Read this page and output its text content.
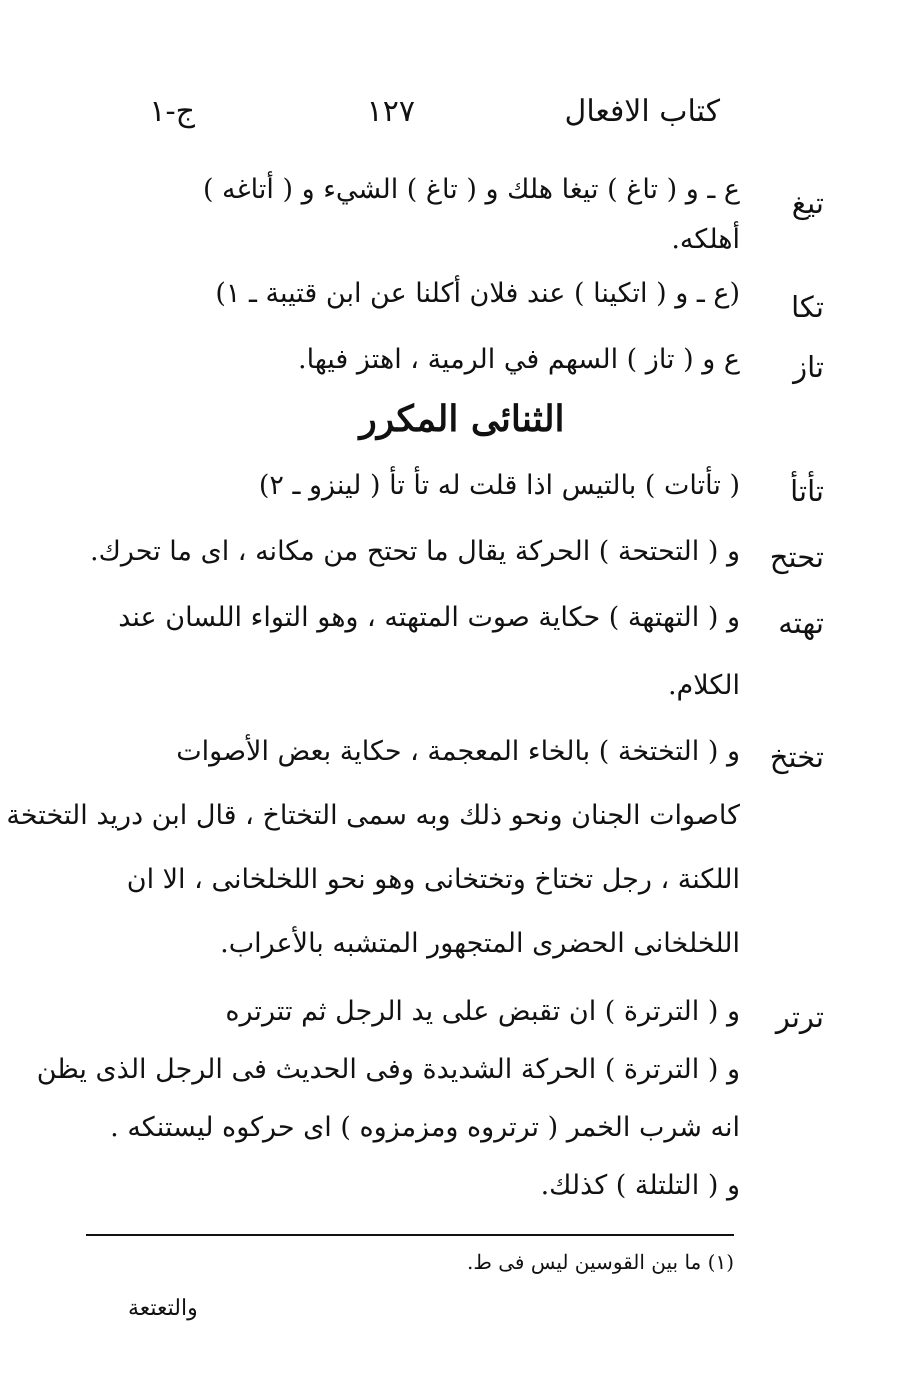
كتاب الافعال
١٢٧
ج-١
تيغ
ع ـ و ( تاغ ) تيغا هلك و ( تاغ ) الشيء و ( أتاغه )
أهلكه.
تكا
(ع ـ و ( اتكينا ) عند فلان أكلنا عن ابن قتيبة ـ ١)
تاز
ع و ( تاز ) السهم في الرمية ، اهتز فيها.
الثنائى المكرر
تأتأ
( تأتات ) بالتيس اذا قلت له تأ تأ ( لينزو ـ ٢)
تحتح
و ( التحتحة ) الحركة يقال ما تحتح من مكانه ، اى ما تحرك.
تهته
و ( التهتهة ) حكاية صوت المتهته ، وهو التواء اللسان عند
الكلام.
تختخ
و ( التختخة ) بالخاء المعجمة ، حكاية بعض الأصوات
كاصوات الجنان ونحو ذلك وبه سمى التختاخ ، قال ابن دريد التختخة
اللكنة ، رجل تختاخ وتختخانى وهو نحو اللخلخانى ، الا ان
اللخلخانى الحضرى المتجهور المتشبه بالأعراب.
ترتر
و ( الترترة ) ان تقبض على يد الرجل ثم تترتره
و ( الترترة ) الحركة الشديدة وفى الحديث فى الرجل الذى يظن
انه شرب الخمر ( ترتروه ومزمزوه ) اى حركوه ليستنكه .
و ( التلتلة ) كذلك.
(١) ما بين القوسين ليس فى ط.
والتعتعة
